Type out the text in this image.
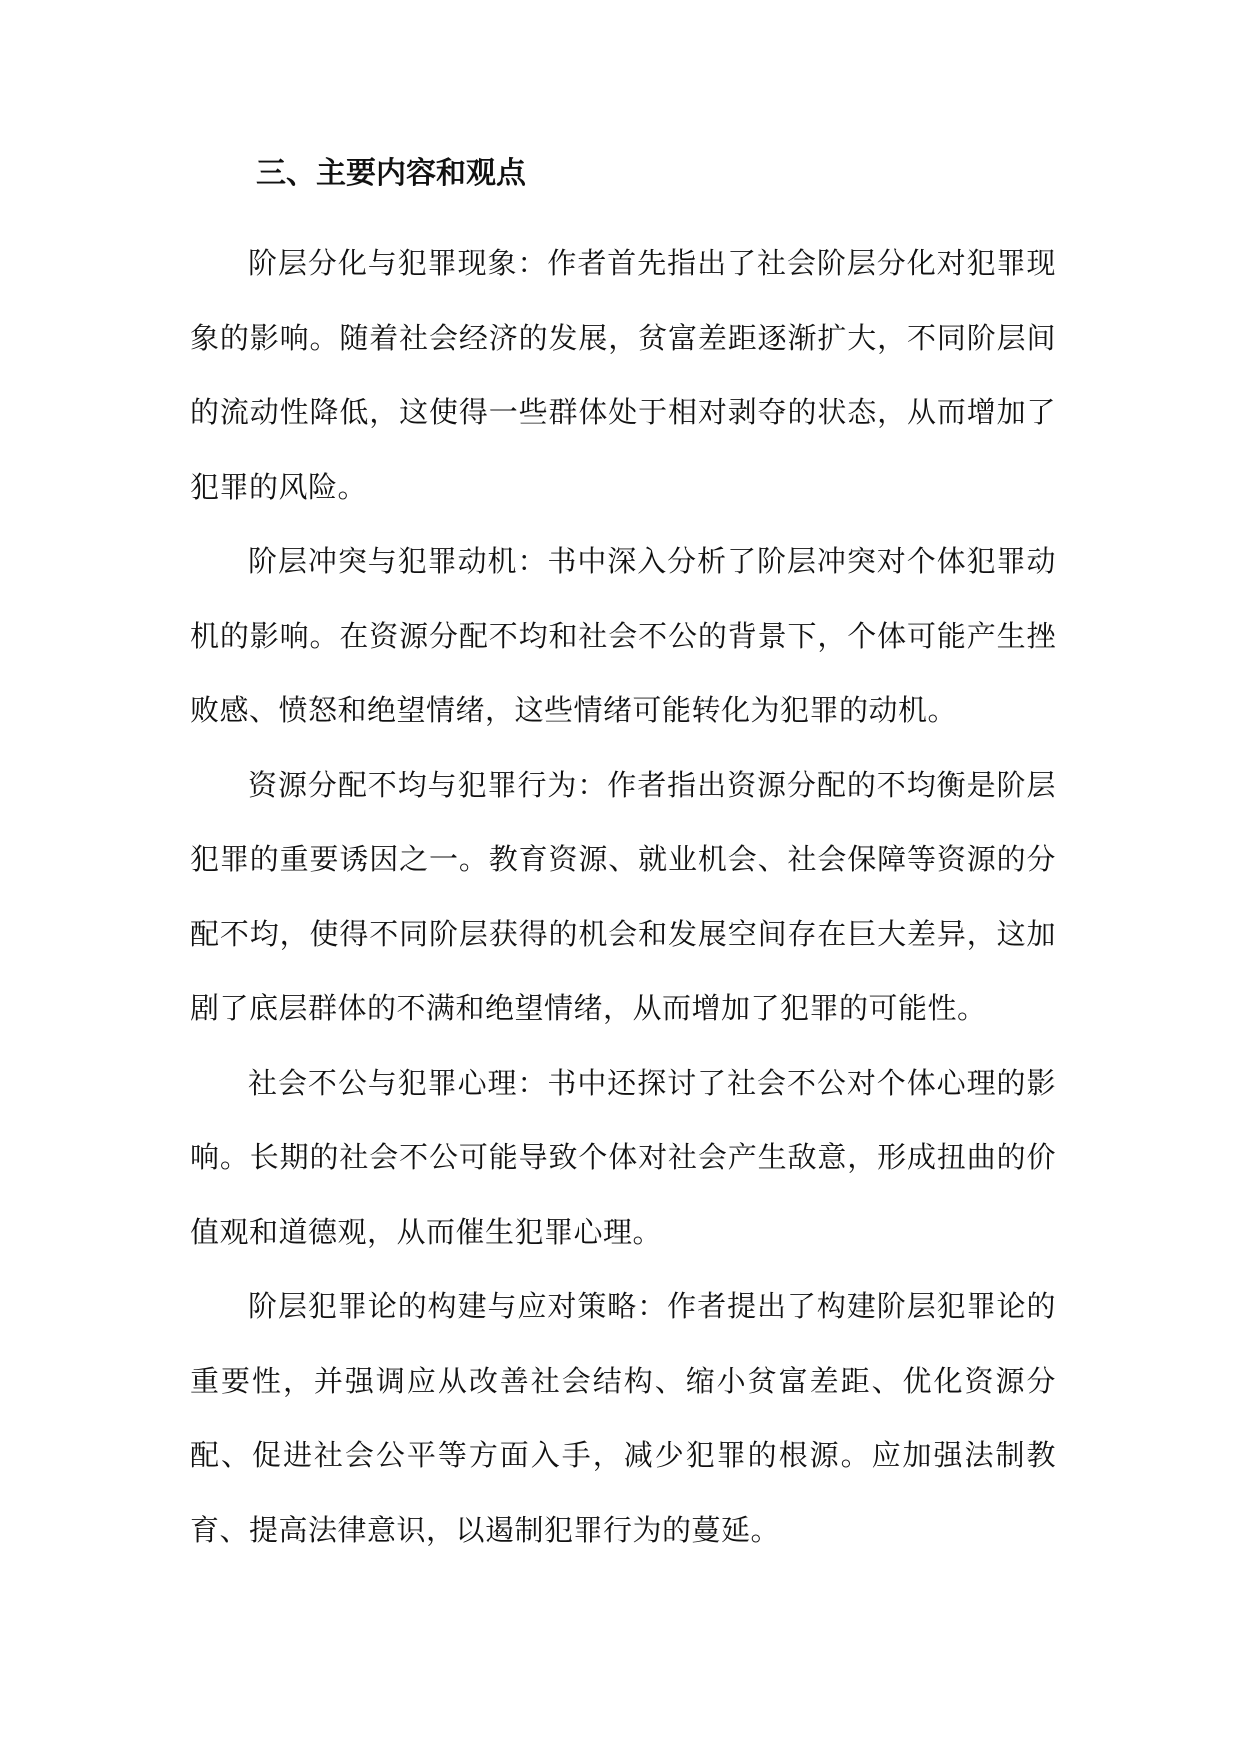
三、主要内容和观点

阶层分化与犯罪现象：作者首先指出了社会阶层分化对犯罪现象的影响。随着社会经济的发展，贫富差距逐渐扩大，不同阶层间的流动性降低，这使得一些群体处于相对剥夺的状态，从而增加了犯罪的风险。

阶层冲突与犯罪动机：书中深入分析了阶层冲突对个体犯罪动机的影响。在资源分配不均和社会不公的背景下，个体可能产生挫败感、愤怒和绝望情绪，这些情绪可能转化为犯罪的动机。

资源分配不均与犯罪行为：作者指出资源分配的不均衡是阶层犯罪的重要诱因之一。教育资源、就业机会、社会保障等资源的分配不均，使得不同阶层获得的机会和发展空间存在巨大差异，这加剧了底层群体的不满和绝望情绪，从而增加了犯罪的可能性。

社会不公与犯罪心理：书中还探讨了社会不公对个体心理的影响。长期的社会不公可能导致个体对社会产生敌意，形成扭曲的价值观和道德观，从而催生犯罪心理。

阶层犯罪论的构建与应对策略：作者提出了构建阶层犯罪论的重要性，并强调应从改善社会结构、缩小贫富差距、优化资源分配、促进社会公平等方面入手，减少犯罪的根源。应加强法制教育、提高法律意识，以遏制犯罪行为的蔓延。
